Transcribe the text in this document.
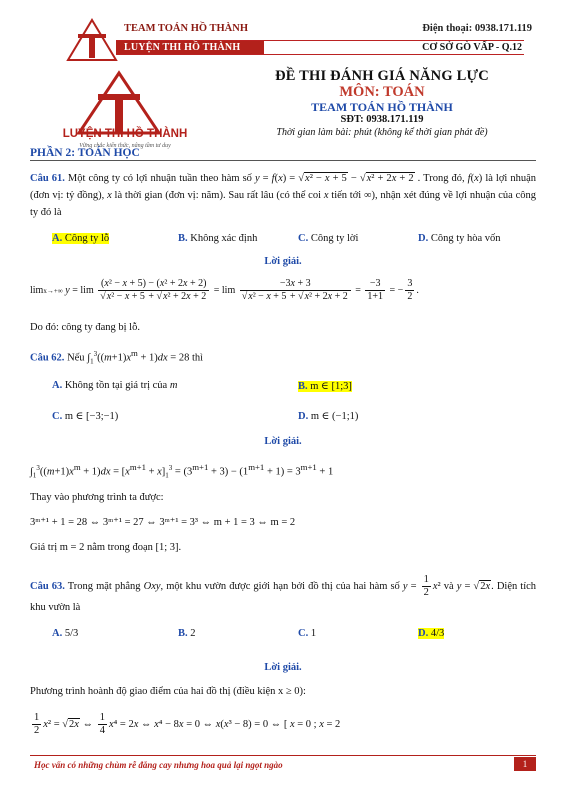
TEAM TOÁN HỒ THÀNH	Điện thoại: 0938.171.119
LUYỆN THI HỒ THÀNH	CƠ SỞ GÒ VẤP - Q.12
LUYỆN THI HỒ THÀNH
Vững chắc kiến thức, nâng tầm tư duy
ĐỀ THI ĐÁNH GIÁ NĂNG LỰC
MÔN: TOÁN
TEAM TOÁN HỒ THÀNH
SĐT: 0938.171.119
Thời gian làm bài: phút (không kể thời gian phát đề)
PHẦN 2: TOÁN HỌC
Câu 61. Một công ty có lợi nhuận tuần theo hàm số y = f(x) = √x² − x + 5 − √x² + 2x + 2 . Trong đó, f(x) là lợi nhuận (đơn vị: tỷ đồng), x là thời gian (đơn vị: năm). Sau rất lâu (có thể coi x tiến tới ∞), nhận xét đúng về lợi nhuận của công ty đó là
A. Công ty lỗ	B. Không xác định	C. Công ty lời	D. Công ty hòa vốn
Lời giải.
limx→+∞ $y = \lim \frac{\text{(x² − x + 5) − (x² + 2x + 2)}}{\text{√x² − x + 5 + √x² + 2x + 2}} = \lim \frac{-3x + 3}{\text{√x² − x + 5 + √x² + 2x + 2}} = \frac{-3}{1+1}$ = − $\frac{3}{2}$ .
Do đó: công ty đang bị lỗ.
Câu 62. Nếu $\int_1^3((m+1)x^m + 1)dx = 28$ thì
A. Không tồn tại giá trị của m	B. m ∈ [1;3]
C. m ∈ [−3;−1)	D. m ∈ (−1;1)
Lời giải.
$\int_1^3((m+1)x^m + 1)dx = [x^{m+1} + x]_1^3 = (3^{m+1} + 3) - (1^{m+1} + 1) = 3^{m+1} + 1$
Thay vào phương trình ta được:
3ᵐ⁺¹ + 1 = 28 ⇔ 3ᵐ⁺¹ = 27 ⇔ 3ᵐ⁺¹ = 3³ ⇔ m + 1 = 3 ⇔ m = 2
Giá trị m = 2 nằm trong đoạn [1; 3].
Câu 63. Trong mặt phẳng Oxy, một khu vườn được giới hạn bởi đồ thị của hai hàm số $y = \frac{1}{2} x^2$ và y = √2x. Diện tích khu vườn là
A. 5/3	B. 2	C. 1	D. 4/3
Lời giải.
Phương trình hoành độ giao điểm của hai đồ thị (điều kiện x ≥ 0):
$\frac{1}{2} x^2 = √2x$ ⇔ $\frac{1}{4} x^4 = 2x$ ⇔ x⁴ − 8x = 0 ⇔ x(x³ − 8) = 0 ⇔ [ x = 0 ; x = 2
Học vấn có những chùm rễ đắng cay nhưng hoa quả lại ngọt ngào	1
